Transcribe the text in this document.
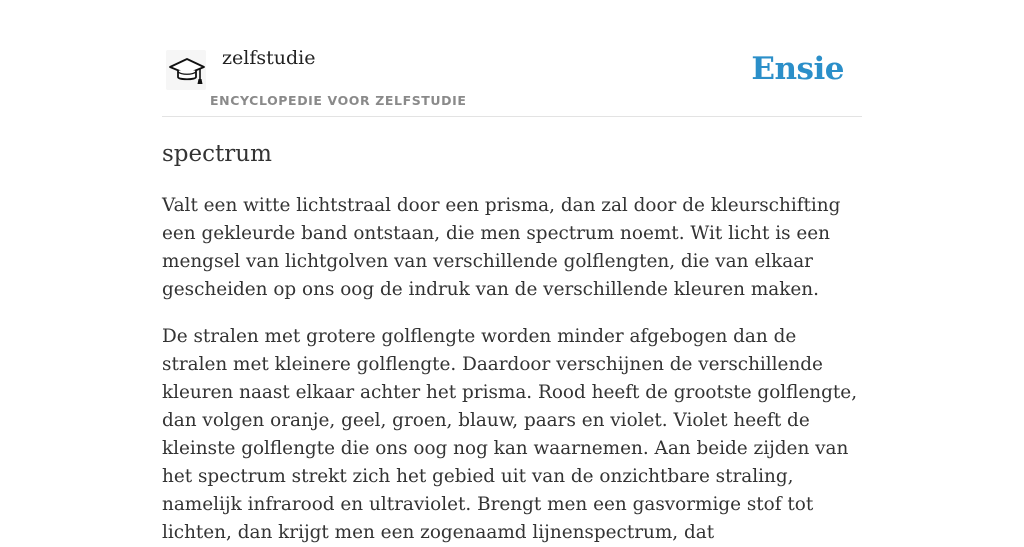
zelfstudie
ENCYCLOPEDIE VOOR ZELFSTUDIE
Ensie
spectrum

Valt een witte lichtstraal door een prisma, dan zal door de kleurschifting een gekleurde band ontstaan, die men spectrum noemt. Wit licht is een mengsel van lichtgolven van verschillende golflengten, die van elkaar gescheiden op ons oog de indruk van de verschillende kleuren maken.

De stralen met grotere golflengte worden minder afgebogen dan de stralen met kleinere golflengte. Daardoor verschijnen de verschillende kleuren naast elkaar achter het prisma. Rood heeft de grootste golflengte, dan volgen oranje, geel, groen, blauw, paars en violet. Violet heeft de kleinste golflengte die ons oog nog kan waarnemen. Aan beide zijden van het spectrum strekt zich het gebied uit van de onzichtbare straling, namelijk infrarood en ultraviolet. Brengt men een gasvormige stof tot lichten, dan krijgt men een zogenaamd lijnenspectrum, dat
